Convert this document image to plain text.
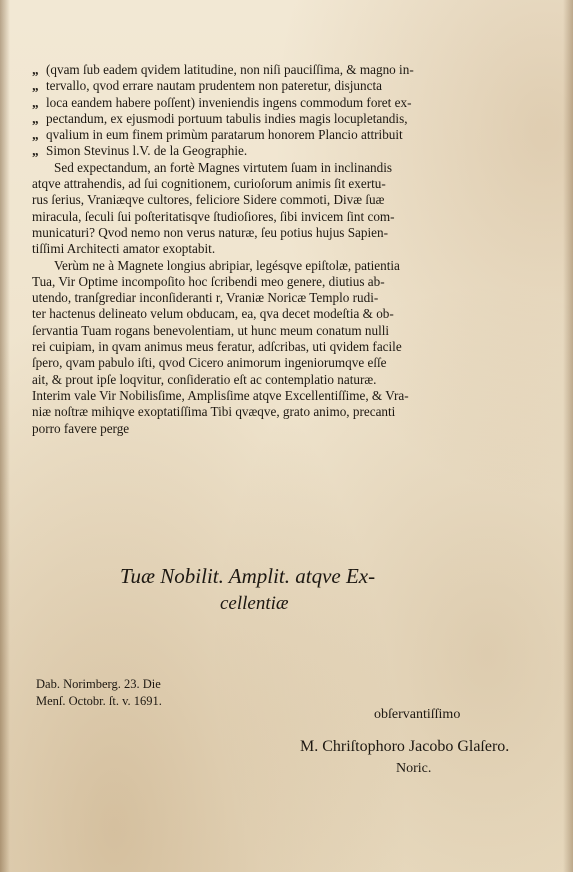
„ (qvam ſub eadem qvidem latitudine, non niſi pauciſſima, & magno in-
„ tervallo, qvod errare nautam prudentem non pateretur, disjuncta
„ loca eandem habere poſſent) inveniendis ingens commodum foret ex-
„ pectandum, ex ejusmodi portuum tabulis indies magis locupletandis,
„ qvalium in eum finem primùm paratarum honorem Plancio attribuit
„ Simon Stevinus l.V. de la Geographie.
Sed expectandum, an fortè Magnes virtutem ſuam in inclinandis
atqve attrahendis, ad ſui cognitionem, curioſorum animis ſit exertu-
rus ſerius, Vraniæqve cultores, feliciore Sidere commoti, Divæ ſuæ
miracula, ſeculi ſui poſteritatisqve ſtudioſiores, ſibi invicem ſint com-
municaturi? Qvod nemo non verus naturæ, ſeu potius hujus Sapien-
tiſſimi Architecti amator exoptabit.
Verùm ne à Magnete longius abripiar, legésqve epiſtolæ, patientia
Tua, Vir Optime incompoſito hoc ſcribendi meo genere, diutius ab-
utendo, tranſgrediar inconſideranti r, Vraniæ Noricæ Templo rudi-
ter hactenus delineato velum obducam, ea, qva decet modeſtia & ob-
ſervantia Tuam rogans benevolentiam, ut hunc meum conatum nulli
rei cuipiam, in qvam animus meus feratur, adſcribas, uti qvidem facile
ſpero, qvam pabulo iſti, qvod Cicero animorum ingeniorumqve eſſe
ait, & prout ipſe loqvitur, conſideratio eſt ac contemplatio naturæ.
Interim vale Vir Nobilisſime, Amplisſime atqve Excellentiſſime, & Vra-
niæ noſtræ mihiqve exoptatiſſima Tibi qvæqve, grato animo, precanti
porro favere perge
Tuæ Nobilit. Amplit. atqve Ex-
cellentiæ
Dab. Norimberg. 23. Die
Menſ. Octobr. ſt. v. 1691.
obſervantiſſimo
M. Chriſtophoro Jacobo Glaſero.
Noric.
